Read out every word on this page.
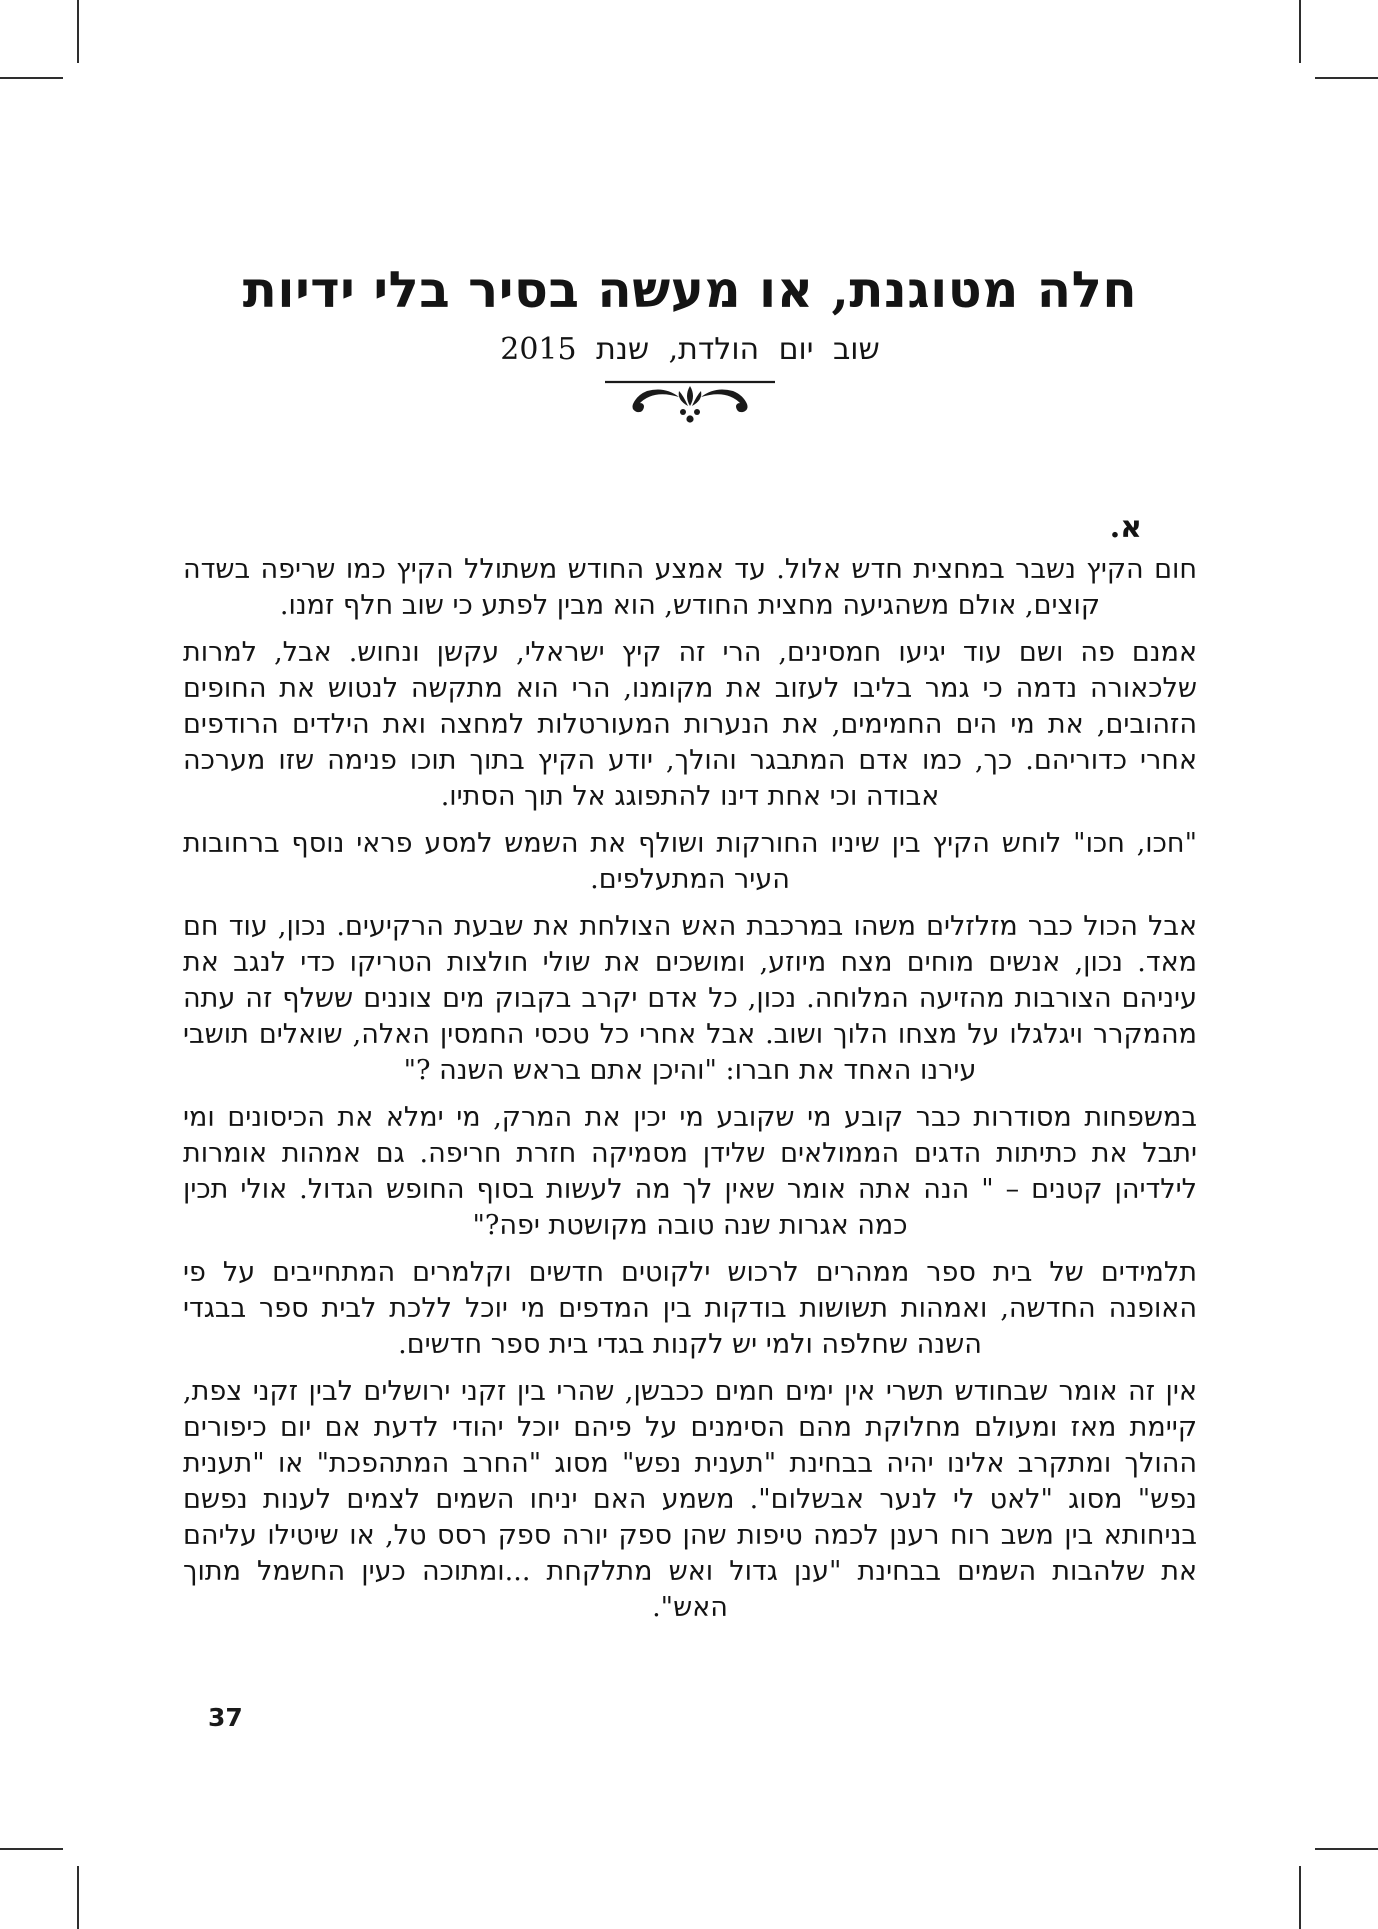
חלה מטוגנת, או מעשה בסיר בלי ידיות
שוב יום הולדת, שנת 2015
א.

חום הקיץ נשבר במחצית חדש אלול. עד אמצע החודש משתולל הקיץ כמו שריפה בשדה קוצים, אולם משהגיעה מחצית החודש, הוא מבין לפתע כי שוב חלף זמנו.

אמנם פה ושם עוד יגיעו חמסינים, הרי זה קיץ ישראלי, עקשן ונחוש. אבל, למרות שלכאורה נדמה כי גמר בליבו לעזוב את מקומנו, הרי הוא מתקשה לנטוש את החופים הזהובים, את מי הים החמימים, את הנערות המעורטלות למחצה ואת הילדים הרודפים אחרי כדוריהם. כך, כמו אדם המתבגר והולך, יודע הקיץ בתוך תוכו פנימה שזו מערכה אבודה וכי אחת דינו להתפוגג אל תוך הסתיו.

"חכו, חכו" לוחש הקיץ בין שיניו החורקות ושולף את השמש למסע פראי נוסף ברחובות העיר המתעלפים.

אבל הכול כבר מזלזלים משהו במרכבת האש הצולחת את שבעת הרקיעים. נכון, עוד חם מאד. נכון, אנשים מוחים מצח מיוזע, ומושכים את שולי חולצות הטריקו כדי לנגב את עיניהם הצורבות מהזיעה המלוחה. נכון, כל אדם יקרב בקבוק מים צוננים ששלף זה עתה מהמקרר ויגלגלו על מצחו הלוך ושוב. אבל אחרי כל טכסי החמסין האלה, שואלים תושבי עירנו האחד את חברו: "והיכן אתם בראש השנה ?"

במשפחות מסודרות כבר קובע מי שקובע מי יכין את המרק, מי ימלא את הכיסונים ומי יתבל את כתיתות הדגים הממולאים שלידן מסמיקה חזרת חריפה. גם אמהות אומרות לילדיהן קטנים – " הנה אתה אומר שאין לך מה לעשות בסוף החופש הגדול. אולי תכין כמה אגרות שנה טובה מקושטת יפה?"

תלמידים של בית ספר ממהרים לרכוש ילקוטים חדשים וקלמרים המתחייבים על פי האופנה החדשה, ואמהות תשושות בודקות בין המדפים מי יוכל ללכת לבית ספר בבגדי השנה שחלפה ולמי יש לקנות בגדי בית ספר חדשים.

אין זה אומר שבחודש תשרי אין ימים חמים ככבשן, שהרי בין זקני ירושלים לבין זקני צפת, קיימת מאז ומעולם מחלוקת מהם הסימנים על פיהם יוכל יהודי לדעת אם יום כיפורים ההולך ומתקרב אלינו יהיה בבחינת "תענית נפש" מסוג "החרב המתהפכת" או "תענית נפש" מסוג "לאט לי לנער אבשלום". משמע האם יניחו השמים לצמים לענות נפשם בניחותא בין משב רוח רענן לכמה טיפות שהן ספק יורה ספק רסס טל, או שיטילו עליהם את שלהבות השמים בבחינת "ענן גדול ואש מתלקחת ...ומתוכה כעין החשמל מתוך האש".

37
